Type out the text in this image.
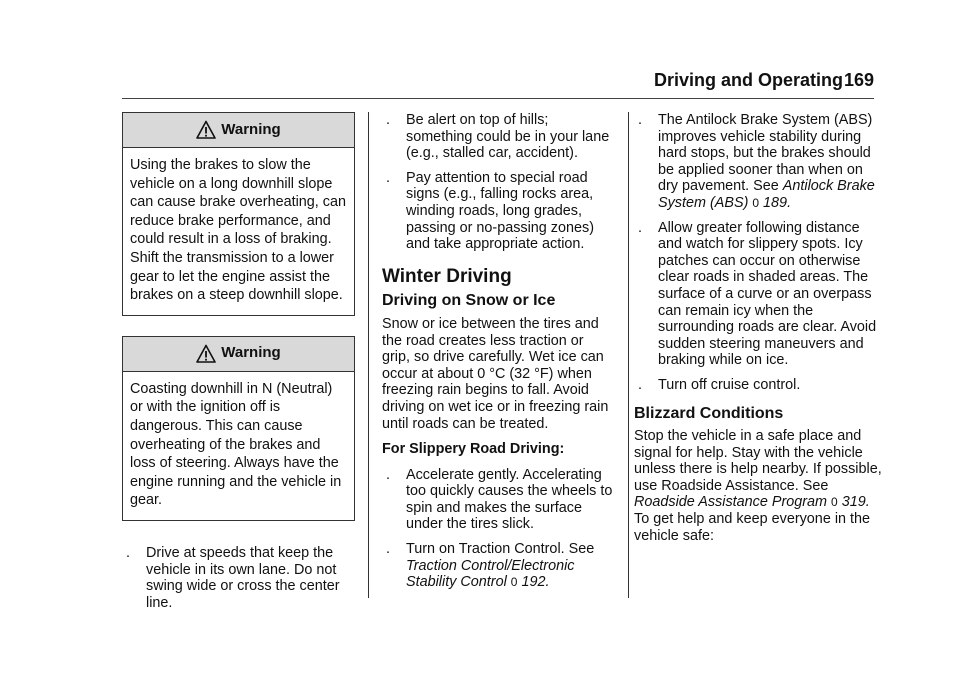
Driving and Operating 169
Warning

Using the brakes to slow the vehicle on a long downhill slope can cause brake overheating, can reduce brake performance, and could result in a loss of braking. Shift the transmission to a lower gear to let the engine assist the brakes on a steep downhill slope.

Warning

Coasting downhill in N (Neutral) or with the ignition off is dangerous. This can cause overheating of the brakes and loss of steering. Always have the engine running and the vehicle in gear.

. Drive at speeds that keep the vehicle in its own lane. Do not swing wide or cross the center line.
. Be alert on top of hills; something could be in your lane (e.g., stalled car, accident).
. Pay attention to special road signs (e.g., falling rocks area, winding roads, long grades, passing or no-passing zones) and take appropriate action.
Winter Driving
Driving on Snow or Ice

Snow or ice between the tires and the road creates less traction or grip, so drive carefully. Wet ice can occur at about 0 °C (32 °F) when freezing rain begins to fall. Avoid driving on wet ice or in freezing rain until roads can be treated.

For Slippery Road Driving:

. Accelerate gently. Accelerating too quickly causes the wheels to spin and makes the surface under the tires slick.
. Turn on Traction Control. See Traction Control/Electronic Stability Control 0 192.
. The Antilock Brake System (ABS) improves vehicle stability during hard stops, but the brakes should be applied sooner than when on dry pavement. See Antilock Brake System (ABS) 0 189.
. Allow greater following distance and watch for slippery spots. Icy patches can occur on otherwise clear roads in shaded areas. The surface of a curve or an overpass can remain icy when the surrounding roads are clear. Avoid sudden steering maneuvers and braking while on ice.
. Turn off cruise control.
Blizzard Conditions

Stop the vehicle in a safe place and signal for help. Stay with the vehicle unless there is help nearby. If possible, use Roadside Assistance. See Roadside Assistance Program 0 319. To get help and keep everyone in the vehicle safe:
